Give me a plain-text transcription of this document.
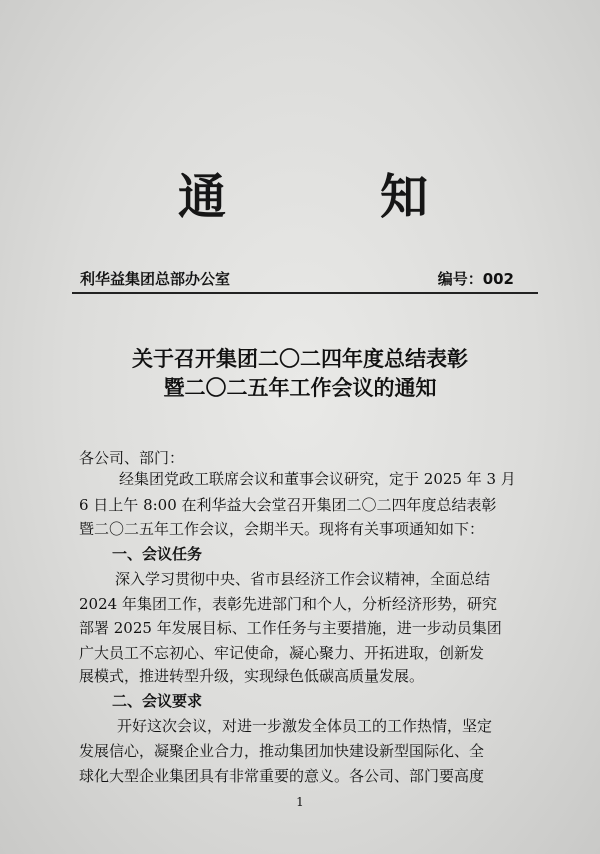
通	知
利华益集团总部办公室	编号：002
关于召开集团二〇二四年度总结表彰
暨二〇二五年工作会议的通知
各公司、部门：
经集团党政工联席会议和董事会议研究，定于 2025 年 3 月
6 日上午 8:00 在利华益大会堂召开集团二〇二四年度总结表彰
暨二〇二五年工作会议，会期半天。现将有关事项通知如下：
一、会议任务
深入学习贯彻中央、省市县经济工作会议精神，全面总结
2024 年集团工作，表彰先进部门和个人，分析经济形势，研究
部署 2025 年发展目标、工作任务与主要措施，进一步动员集团
广大员工不忘初心、牢记使命，凝心聚力、开拓进取，创新发
展模式，推进转型升级，实现绿色低碳高质量发展。
二、会议要求
开好这次会议，对进一步激发全体员工的工作热情，坚定
发展信心，凝聚企业合力，推动集团加快建设新型国际化、全
球化大型企业集团具有非常重要的意义。各公司、部门要高度
1
